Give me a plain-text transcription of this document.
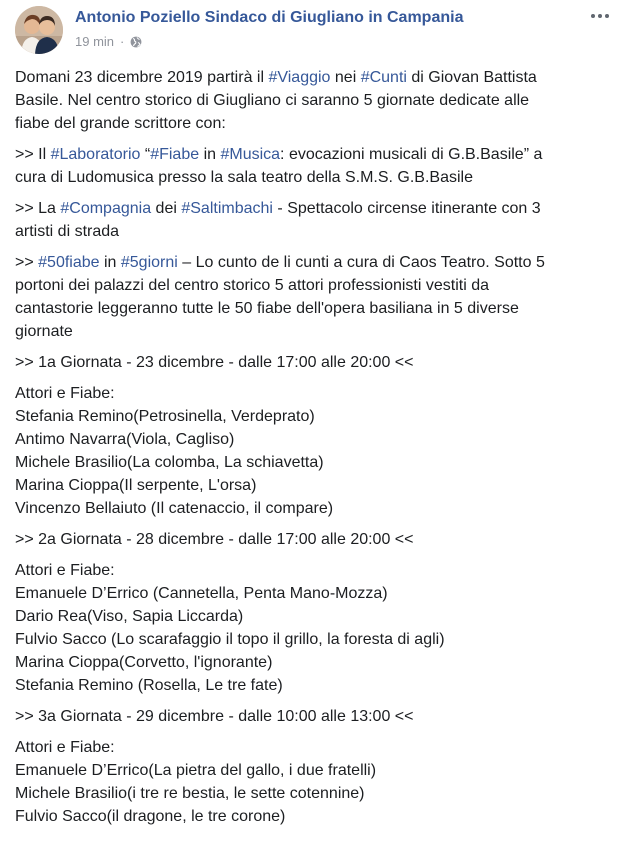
Antonio Poziello Sindaco di Giugliano in Campania
19 min ·
Domani 23 dicembre 2019 partirà il #Viaggio nei #Cunti di Giovan Battista
Basile. Nel centro storico di Giugliano ci saranno 5 giornate dedicate alle
fiabe del grande scrittore con:
>> Il #Laboratorio “#Fiabe in #Musica: evocazioni musicali di G.B.Basile” a
cura di Ludomusica presso la sala teatro della S.M.S. G.B.Basile
>> La #Compagnia dei #Saltimbachi - Spettacolo circense itinerante con 3
artisti di strada
>> #50fiabe in #5giorni – Lo cunto de li cunti a cura di Caos Teatro. Sotto 5
portoni dei palazzi del centro storico 5 attori professionisti vestiti da
cantastorie leggeranno tutte le 50 fiabe dell'opera basiliana in 5 diverse
giornate
>> 1a Giornata - 23 dicembre - dalle 17:00 alle 20:00 <<
Attori e Fiabe:
Stefania Remino(Petrosinella, Verdeprato)
Antimo Navarra(Viola, Cagliso)
Michele Brasilio(La colomba, La schiavetta)
Marina Cioppa(Il serpente, L'orsa)
Vincenzo Bellaiuto (Il catenaccio, il compare)
>> 2a Giornata - 28 dicembre - dalle 17:00 alle 20:00 <<
Attori e Fiabe:
Emanuele D’Errico (Cannetella, Penta Mano-Mozza)
Dario Rea(Viso, Sapia Liccarda)
Fulvio Sacco (Lo scarafaggio il topo il grillo, la foresta di agli)
Marina Cioppa(Corvetto, l'ignorante)
Stefania Remino (Rosella, Le tre fate)
>> 3a Giornata - 29 dicembre - dalle 10:00 alle 13:00 <<
Attori e Fiabe:
Emanuele D’Errico(La pietra del gallo, i due fratelli)
Michele Brasilio(i tre re bestia, le sette cotennine)
Fulvio Sacco(il dragone, le tre corone)
